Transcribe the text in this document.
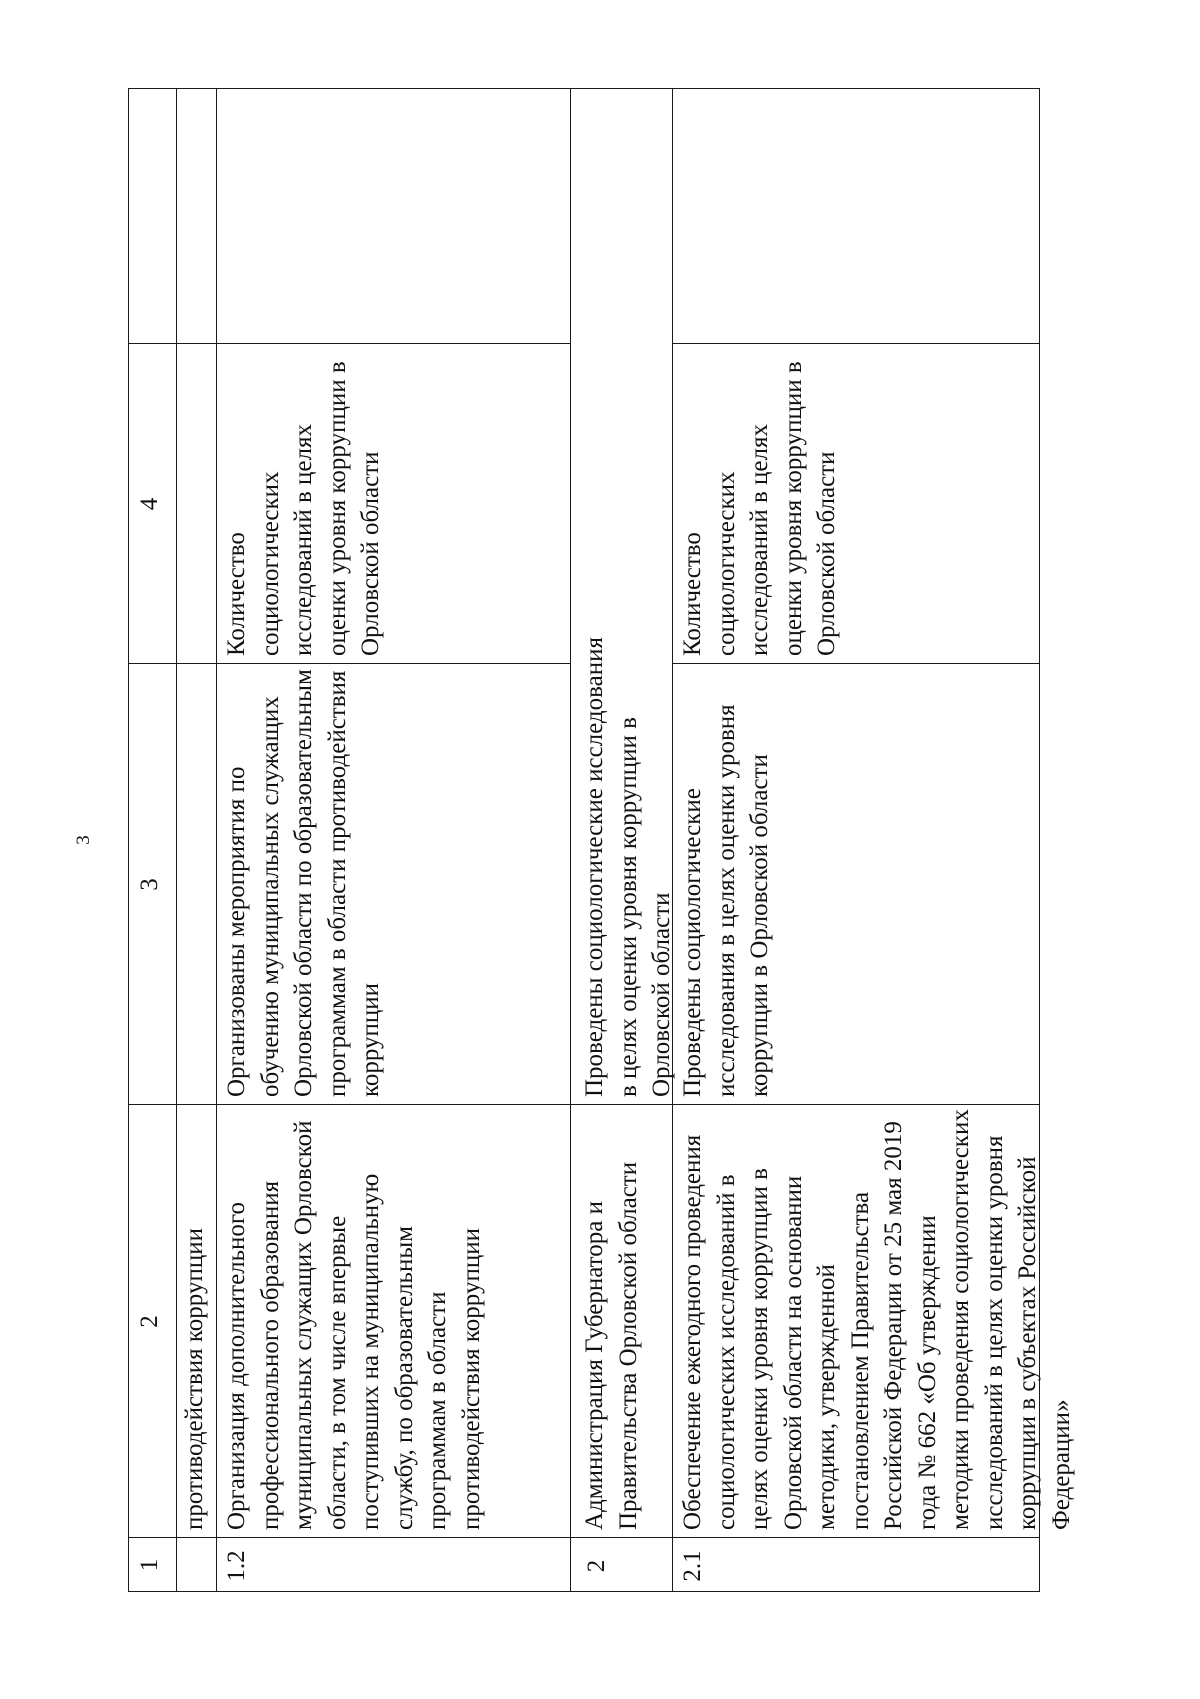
3
1
2
3
4
противодействия коррупции
1.2
Организация дополнительного профессионального образования муниципальных служащих Орловской области, в том числе впервые поступивших на муниципальную службу, по образовательным программам в области противодействия коррупции
Организованы мероприятия по обучению муниципальных служащих Орловской области по образовательным программам в области противодействия коррупции
Количество социологических исследований в целях оценки уровня коррупции в Орловской области
2
Администрация Губернатора и Правительства Орловской области
Проведены социологические исследования в целях оценки уровня коррупции в Орловской области
2.1
Обеспечение ежегодного проведения социологических исследований в целях оценки уровня коррупции в Орловской области на основании методики, утвержденной постановлением Правительства Российской Федерации от 25 мая 2019 года № 662 «Об утверждении методики проведения социологических исследований в целях оценки уровня коррупции в субъектах Российской Федерации»
Проведены социологические исследования в целях оценки уровня коррупции в Орловской области
Количество социологических исследований в целях оценки уровня коррупции в Орловской области
